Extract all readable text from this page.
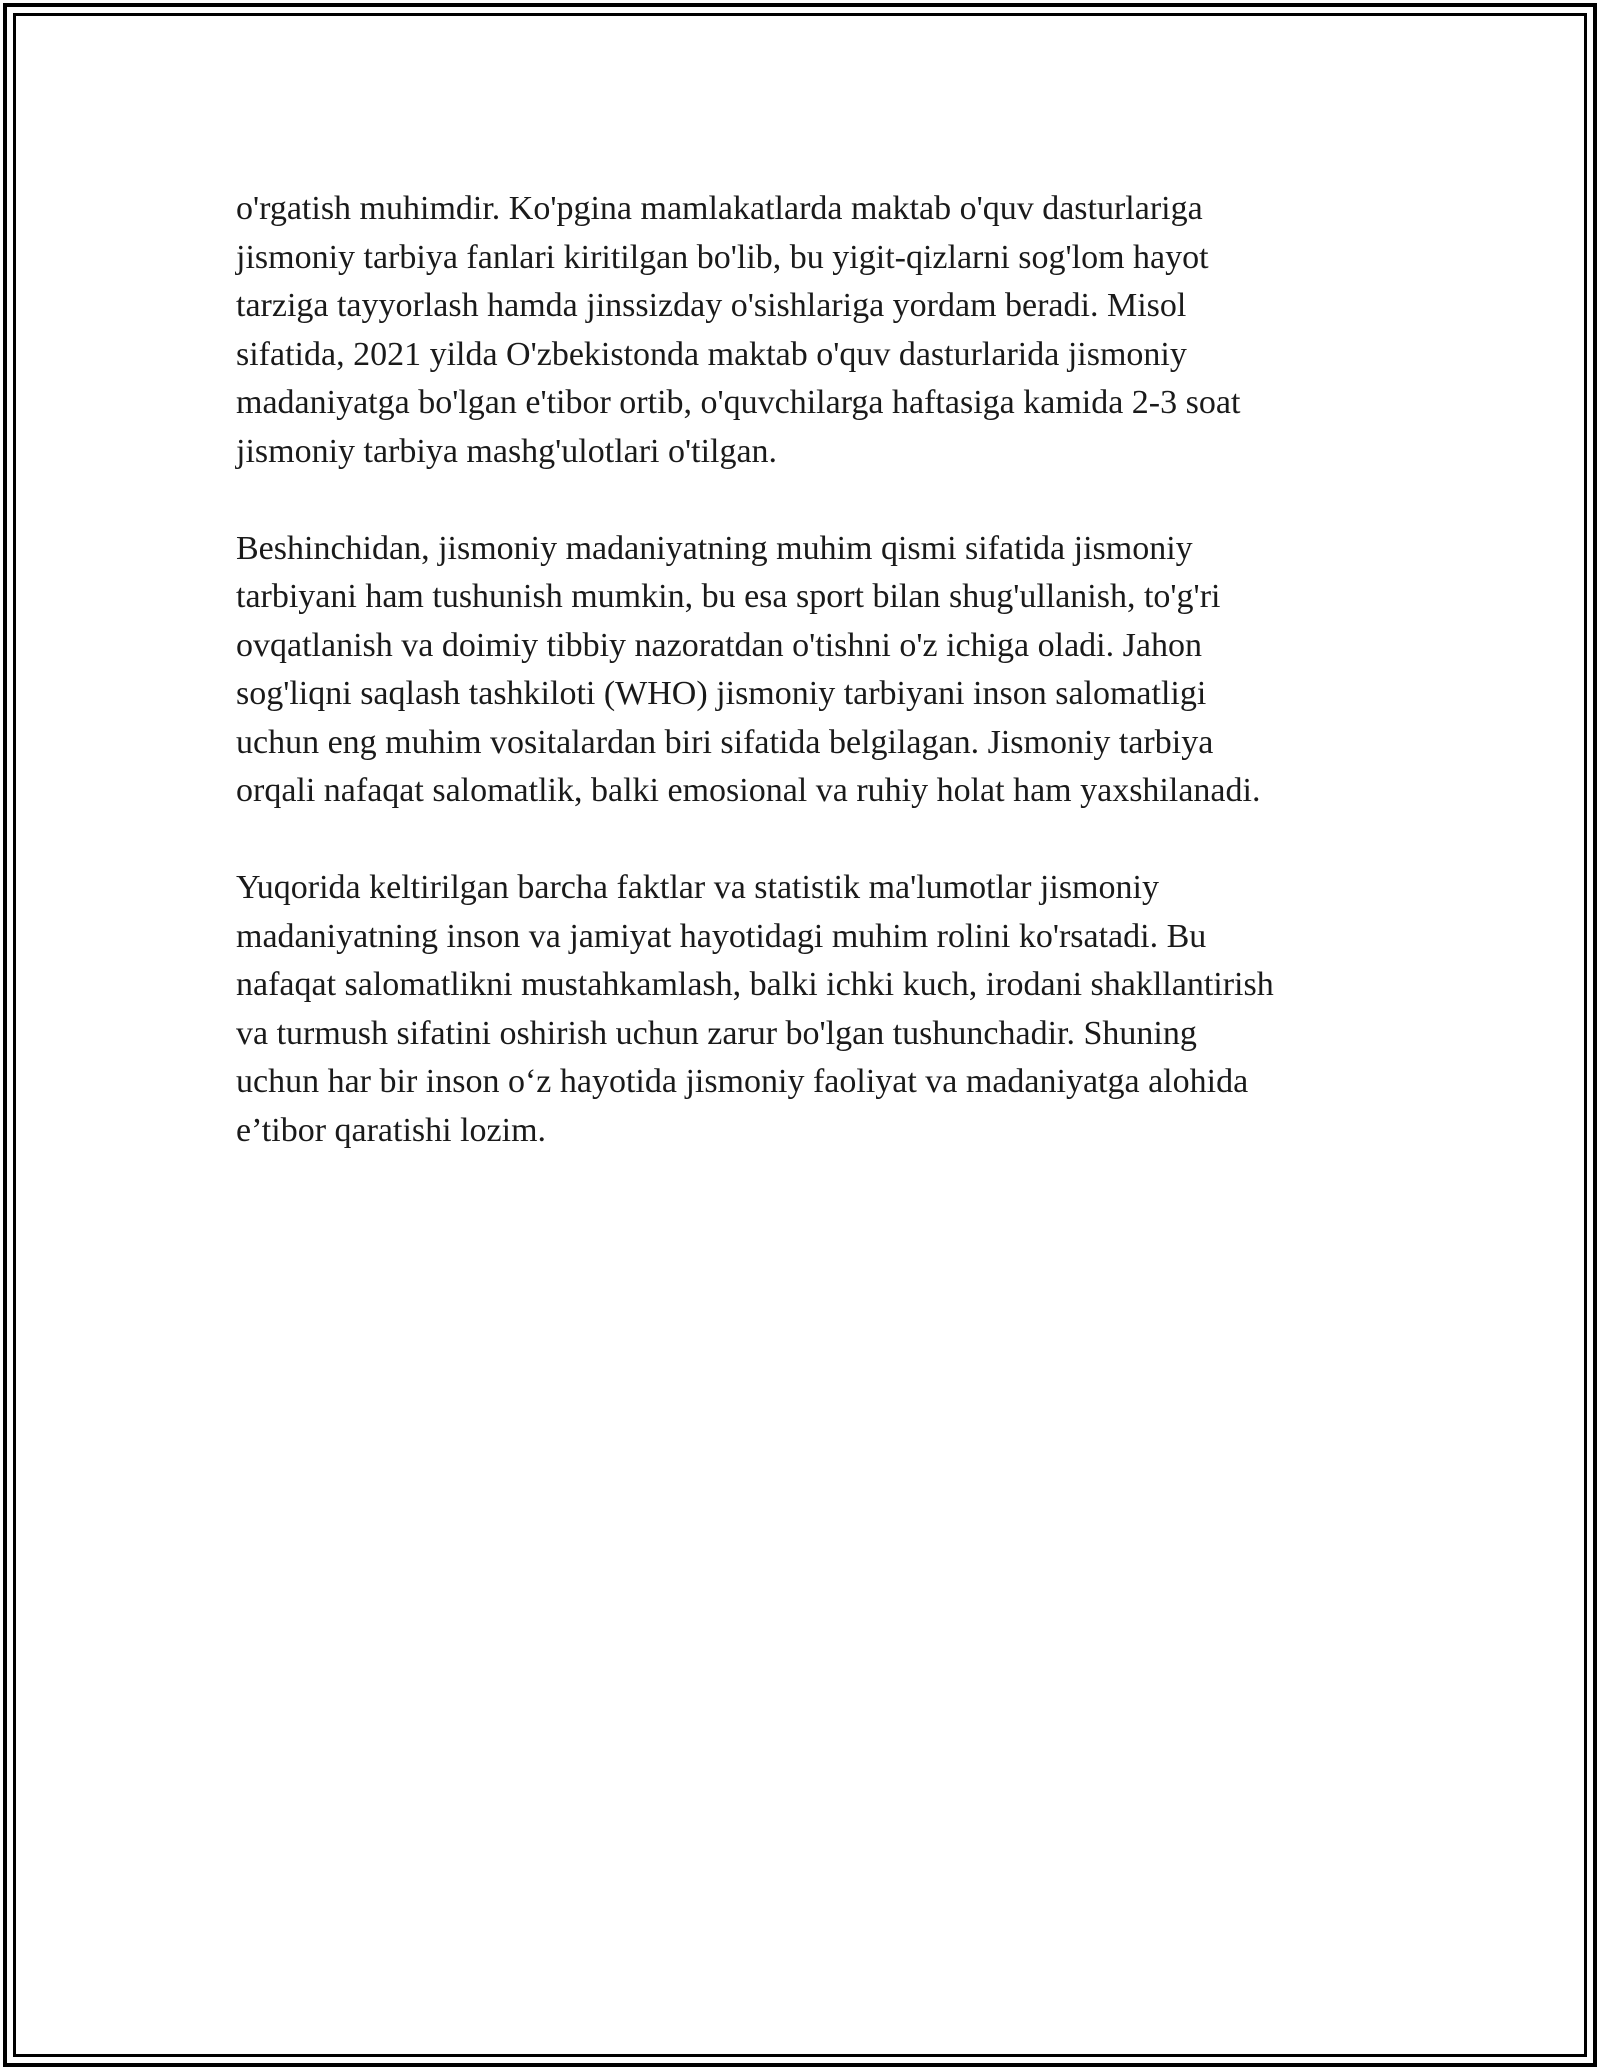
o'rgatish muhimdir. Ko'pgina mamlakatlarda maktab o'quv dasturlariga
jismoniy tarbiya fanlari kiritilgan bo'lib, bu yigit-qizlarni sog'lom hayot
tarziga tayyorlash hamda jinssizday o'sishlariga yordam beradi. Misol
sifatida, 2021 yilda O'zbekistonda maktab o'quv dasturlarida jismoniy
madaniyatga bo'lgan e'tibor ortib, o'quvchilarga haftasiga kamida 2-3 soat
jismoniy tarbiya mashg'ulotlari o'tilgan.

Beshinchidan, jismoniy madaniyatning muhim qismi sifatida jismoniy
tarbiyani ham tushunish mumkin, bu esa sport bilan shug'ullanish, to'g'ri
ovqatlanish va doimiy tibbiy nazoratdan o'tishni o'z ichiga oladi. Jahon
sog'liqni saqlash tashkiloti (WHO) jismoniy tarbiyani inson salomatligi
uchun eng muhim vositalardan biri sifatida belgilagan. Jismoniy tarbiya
orqali nafaqat salomatlik, balki emosional va ruhiy holat ham yaxshilanadi.

Yuqorida keltirilgan barcha faktlar va statistik ma'lumotlar jismoniy
madaniyatning inson va jamiyat hayotidagi muhim rolini ko'rsatadi. Bu
nafaqat salomatlikni mustahkamlash, balki ichki kuch, irodani shakllantirish
va turmush sifatini oshirish uchun zarur bo'lgan tushunchadir. Shuning
uchun har bir inson o‘z hayotida jismoniy faoliyat va madaniyatga alohida
e’tibor qaratishi lozim.
